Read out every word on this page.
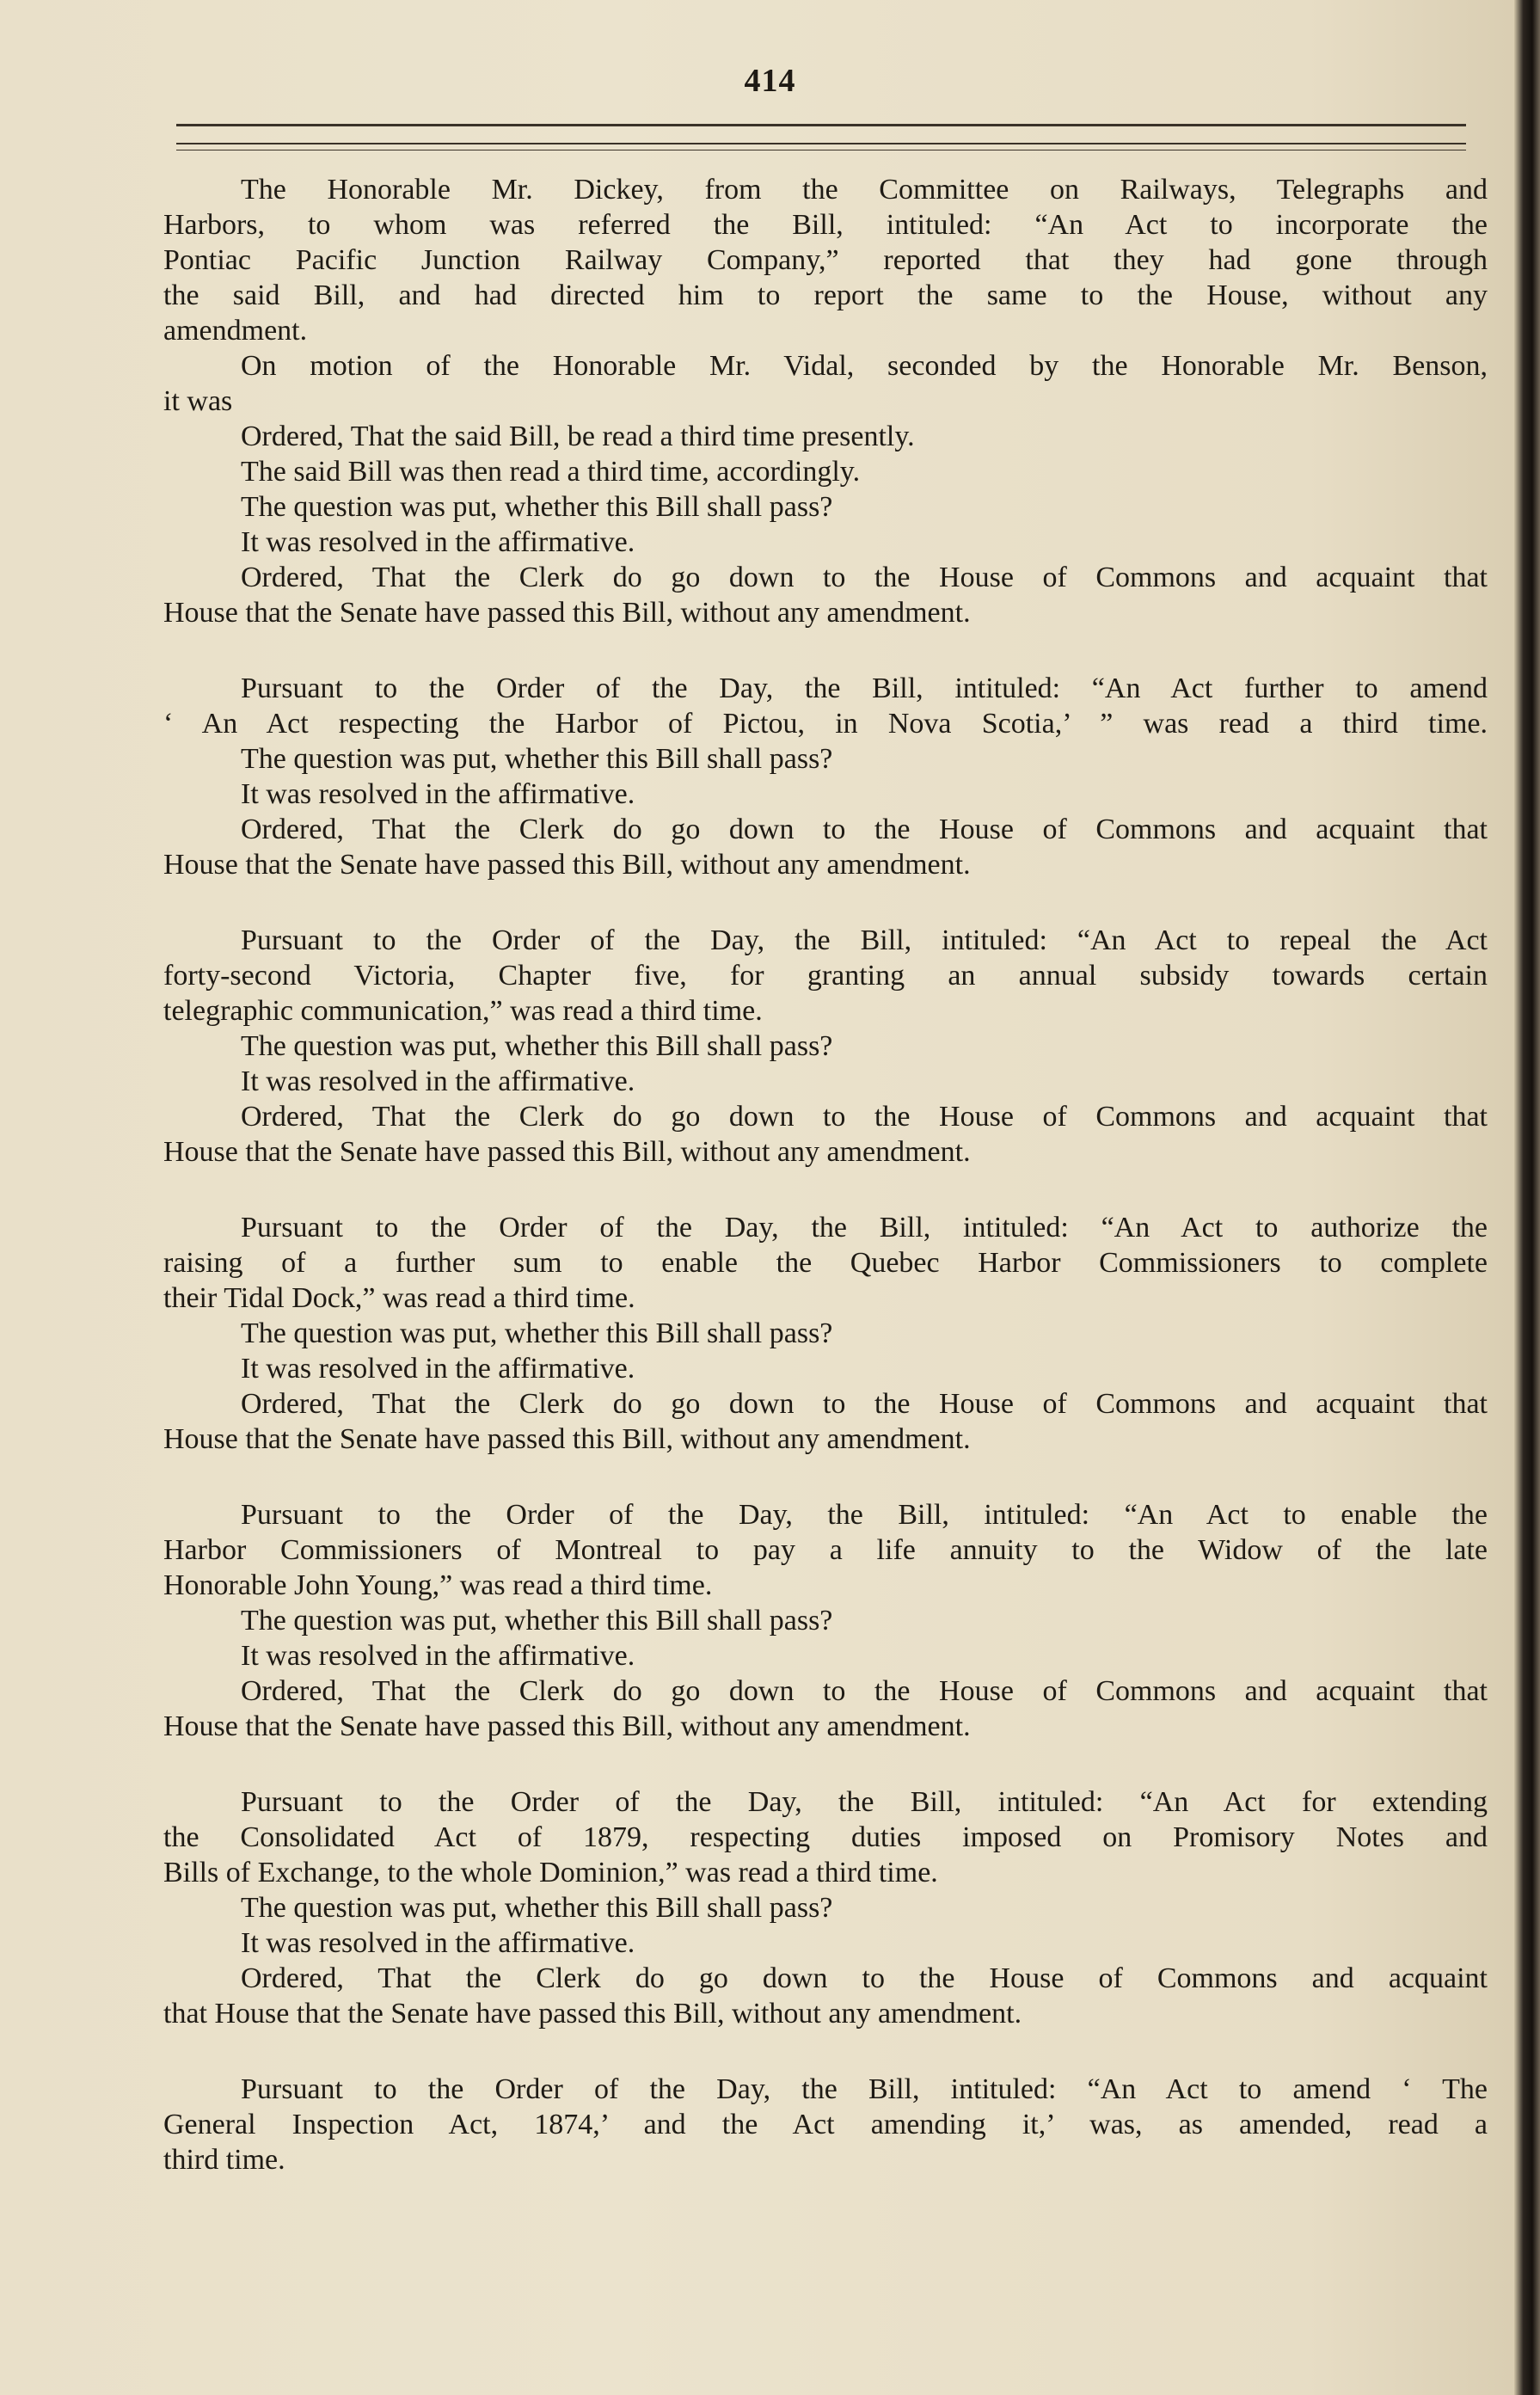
414
The Honorable Mr. Dickey, from the Committee on Railways, Telegraphs and
Harbors, to whom was referred the Bill, intituled: “An Act to incorporate the
Pontiac Pacific Junction Railway Company,” reported that they had gone through
the said Bill, and had directed him to report the same to the House, without any
amendment.
On motion of the Honorable Mr. Vidal, seconded by the Honorable Mr. Benson,
it was
Ordered, That the said Bill, be read a third time presently.
The said Bill was then read a third time, accordingly.
The question was put, whether this Bill shall pass?
It was resolved in the affirmative.
Ordered, That the Clerk do go down to the House of Commons and acquaint that
House that the Senate have passed this Bill, without any amendment.
Pursuant to the Order of the Day, the Bill, intituled: “An Act further to amend
‘ An Act respecting the Harbor of Pictou, in Nova Scotia,’ ” was read a third time.
The question was put, whether this Bill shall pass?
It was resolved in the affirmative.
Ordered, That the Clerk do go down to the House of Commons and acquaint that
House that the Senate have passed this Bill, without any amendment.
Pursuant to the Order of the Day, the Bill, intituled: “An Act to repeal the Act
forty-second Victoria, Chapter five, for granting an annual subsidy towards certain
telegraphic communication,” was read a third time.
The question was put, whether this Bill shall pass?
It was resolved in the affirmative.
Ordered, That the Clerk do go down to the House of Commons and acquaint that
House that the Senate have passed this Bill, without any amendment.
Pursuant to the Order of the Day, the Bill, intituled: “An Act to authorize the
raising of a further sum to enable the Quebec Harbor Commissioners to complete
their Tidal Dock,” was read a third time.
The question was put, whether this Bill shall pass?
It was resolved in the affirmative.
Ordered, That the Clerk do go down to the House of Commons and acquaint that
House that the Senate have passed this Bill, without any amendment.
Pursuant to the Order of the Day, the Bill, intituled: “An Act to enable the
Harbor Commissioners of Montreal to pay a life annuity to the Widow of the late
Honorable John Young,” was read a third time.
The question was put, whether this Bill shall pass?
It was resolved in the affirmative.
Ordered, That the Clerk do go down to the House of Commons and acquaint that
House that the Senate have passed this Bill, without any amendment.
Pursuant to the Order of the Day, the Bill, intituled: “An Act for extending
the Consolidated Act of 1879, respecting duties imposed on Promisory Notes and
Bills of Exchange, to the whole Dominion,” was read a third time.
The question was put, whether this Bill shall pass?
It was resolved in the affirmative.
Ordered, That the Clerk do go down to the House of Commons and acquaint
that House that the Senate have passed this Bill, without any amendment.
Pursuant to the Order of the Day, the Bill, intituled: “An Act to amend ‘ The
General Inspection Act, 1874,’ and the Act amending it,’ was, as amended, read a
third time.
